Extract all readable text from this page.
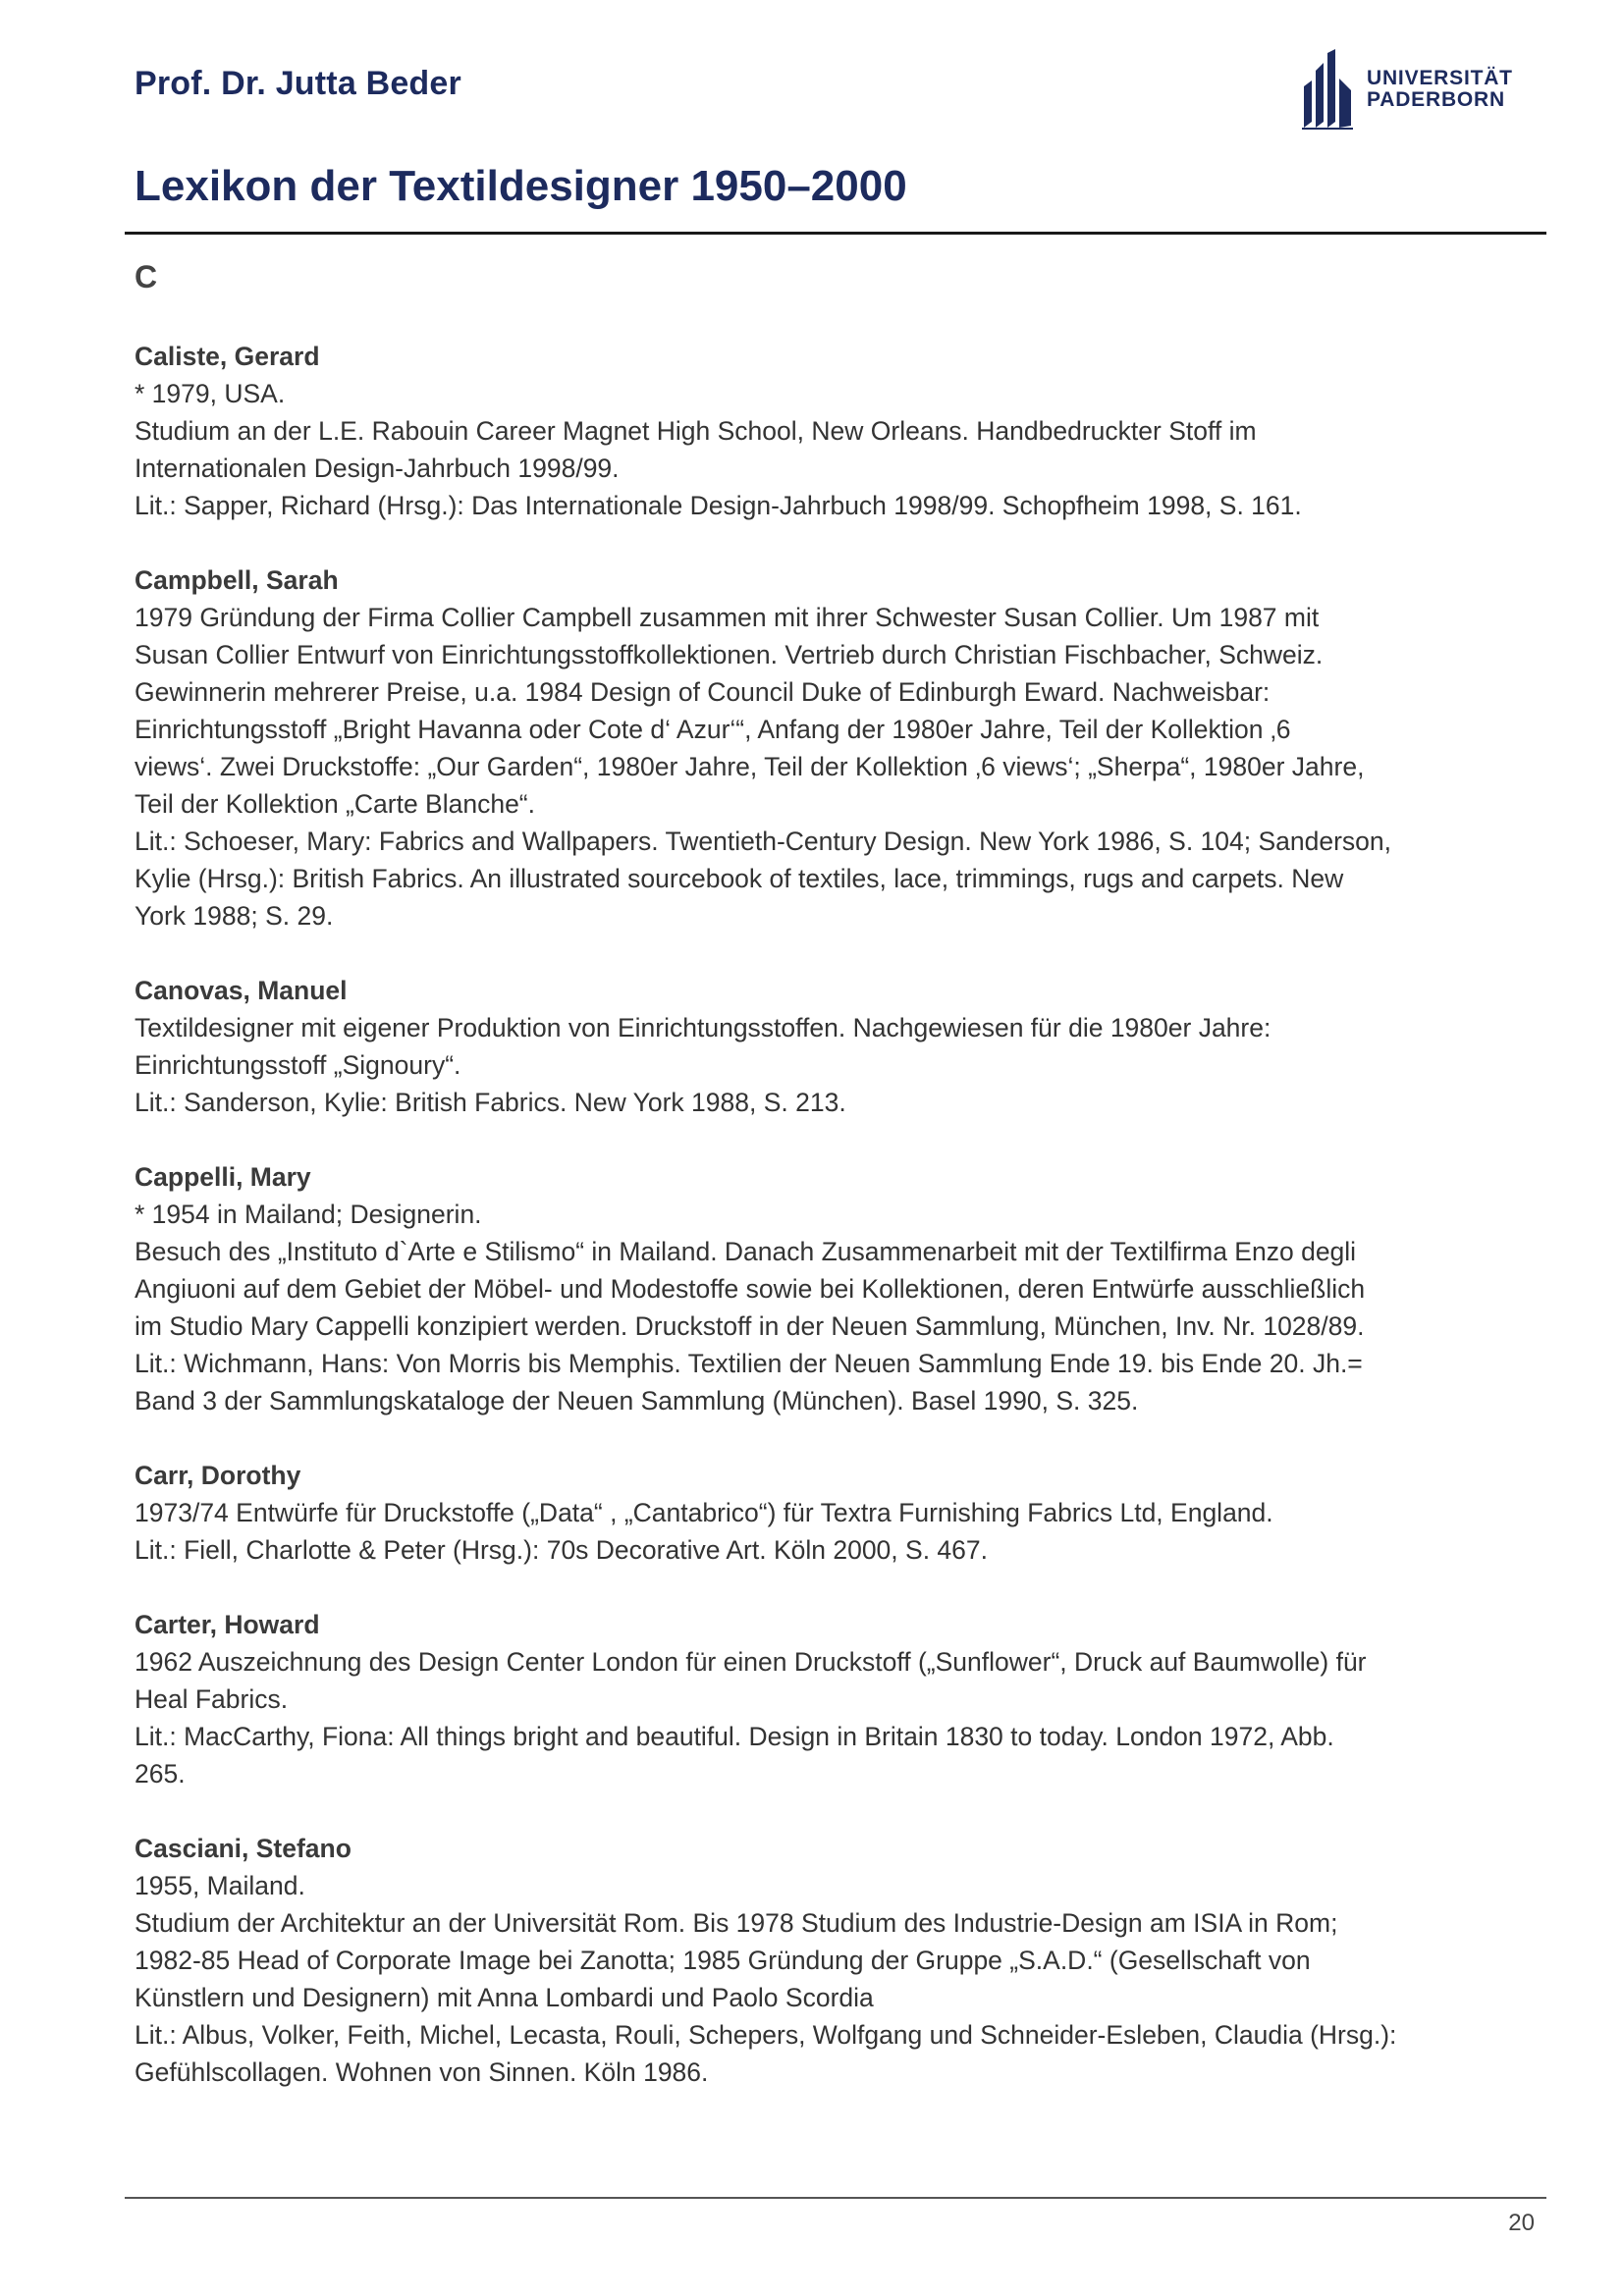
Prof. Dr. Jutta Beder	UNIVERSITÄT
PADERBORN
Lexikon der Textildesigner 1950–2000
C
Caliste, Gerard
* 1979, USA.
Studium an der L.E. Rabouin Career Magnet High School, New Orleans. Handbedruckter Stoff im
Internationalen Design-Jahrbuch 1998/99.
Lit.: Sapper, Richard (Hrsg.): Das Internationale Design-Jahrbuch 1998/99. Schopfheim 1998, S. 161.
Campbell, Sarah
1979 Gründung der Firma Collier Campbell zusammen mit ihrer Schwester Susan Collier. Um 1987 mit
Susan Collier Entwurf von Einrichtungsstoffkollektionen. Vertrieb durch Christian Fischbacher, Schweiz.
Gewinnerin mehrerer Preise, u.a. 1984 Design of Council Duke of Edinburgh Eward. Nachweisbar:
Einrichtungsstoff „Bright Havanna oder Cote d‘ Azur‘“, Anfang der 1980er Jahre, Teil der Kollektion ‚6
views‘. Zwei Druckstoffe: „Our Garden“, 1980er Jahre, Teil der Kollektion ‚6 views‘; „Sherpa“, 1980er Jahre,
Teil der Kollektion „Carte Blanche“.
Lit.: Schoeser, Mary: Fabrics and Wallpapers. Twentieth-Century Design. New York 1986, S. 104; Sanderson,
Kylie (Hrsg.): British Fabrics. An illustrated sourcebook of textiles, lace, trimmings, rugs and carpets. New
York 1988; S. 29.
Canovas, Manuel
Textildesigner mit eigener Produktion von Einrichtungsstoffen. Nachgewiesen für die 1980er Jahre:
Einrichtungsstoff „Signoury“.
Lit.: Sanderson, Kylie: British Fabrics. New York 1988, S. 213.
Cappelli, Mary
* 1954 in Mailand; Designerin.
Besuch des „Instituto d`Arte e Stilismo“ in Mailand. Danach Zusammenarbeit mit der Textilfirma Enzo degli
Angiuoni auf dem Gebiet der Möbel- und Modestoffe sowie bei Kollektionen, deren Entwürfe ausschließlich
im Studio Mary Cappelli konzipiert werden. Druckstoff in der Neuen Sammlung, München, Inv. Nr. 1028/89.
Lit.: Wichmann, Hans: Von Morris bis Memphis. Textilien der Neuen Sammlung Ende 19. bis Ende 20. Jh.=
Band 3 der Sammlungskataloge der Neuen Sammlung (München). Basel 1990, S. 325.
Carr, Dorothy
1973/74 Entwürfe für Druckstoffe („Data“ , „Cantabrico“) für Textra Furnishing Fabrics Ltd, England.
Lit.: Fiell, Charlotte & Peter (Hrsg.): 70s Decorative Art. Köln 2000, S. 467.
Carter, Howard
1962 Auszeichnung des Design Center London für einen Druckstoff („Sunflower“, Druck auf Baumwolle) für
Heal Fabrics.
Lit.: MacCarthy, Fiona: All things bright and beautiful. Design in Britain 1830 to today. London 1972, Abb.
265.
Casciani, Stefano
1955, Mailand.
Studium der Architektur an der Universität Rom. Bis 1978 Studium des Industrie-Design am ISIA in Rom;
1982-85 Head of Corporate Image bei Zanotta; 1985 Gründung der Gruppe „S.A.D.“ (Gesellschaft von
Künstlern und Designern) mit Anna Lombardi und Paolo Scordia
Lit.: Albus, Volker, Feith, Michel, Lecasta, Rouli, Schepers, Wolfgang und Schneider-Esleben, Claudia (Hrsg.):
Gefühlscollagen. Wohnen von Sinnen. Köln 1986.
20
